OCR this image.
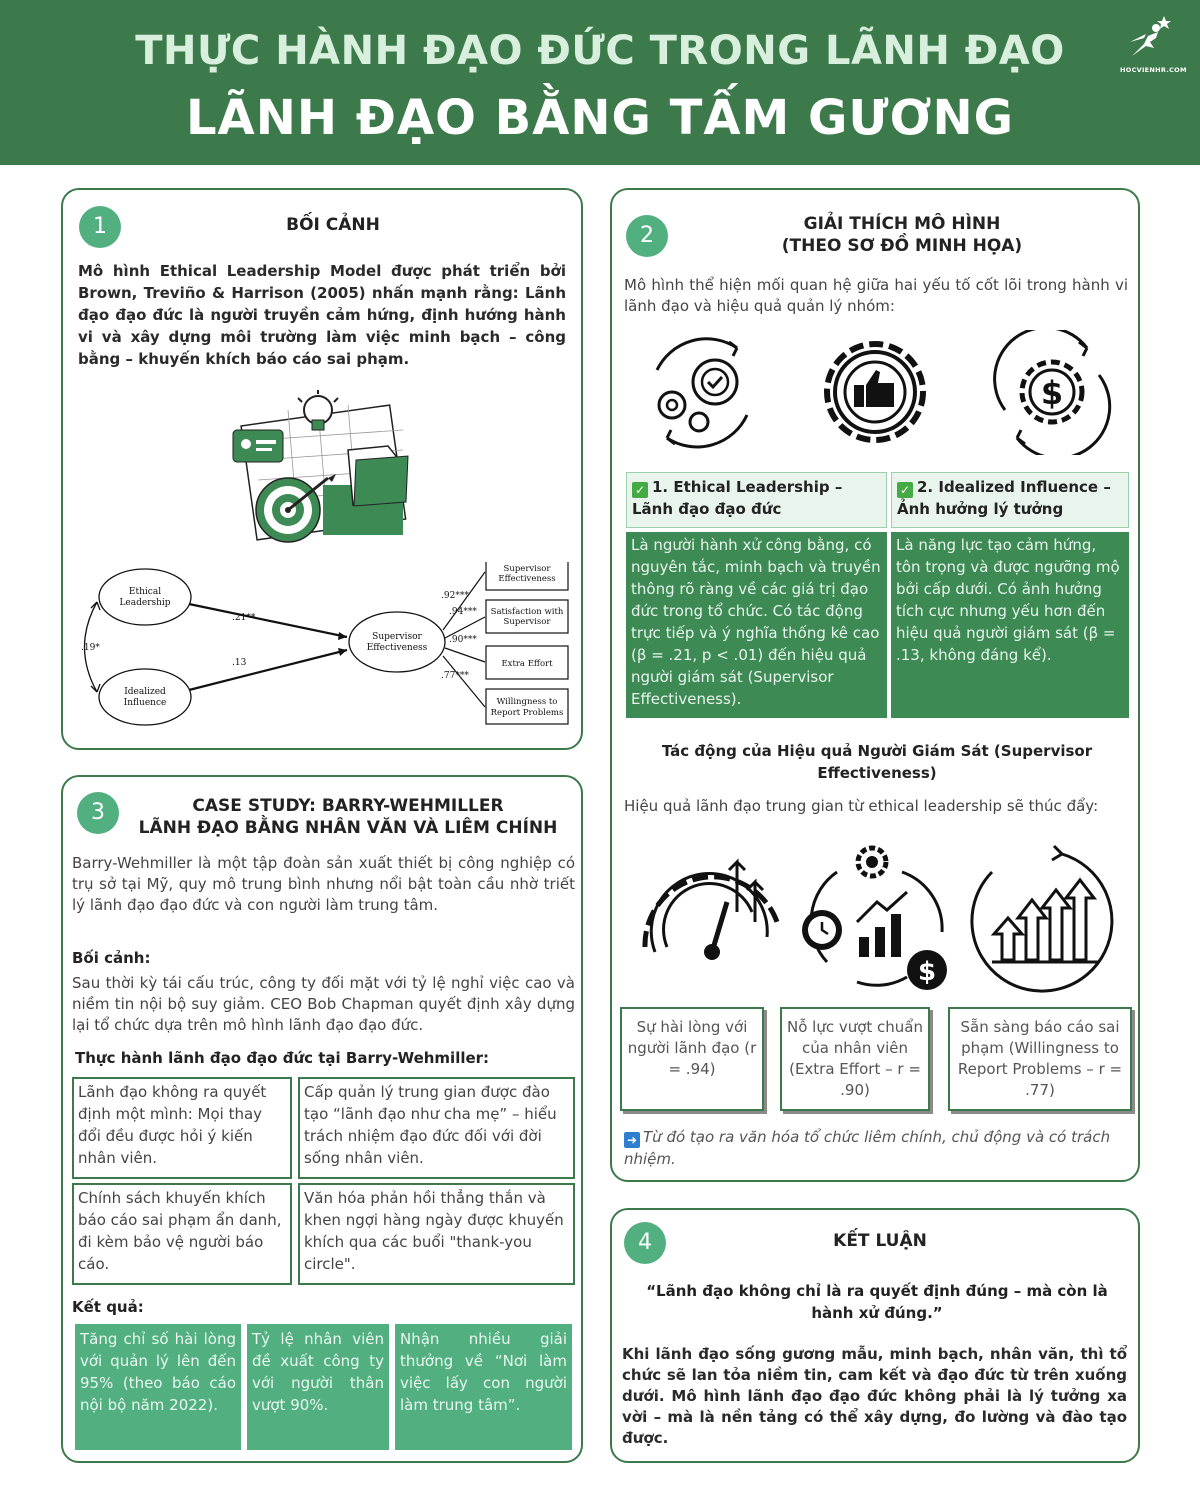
THỰC HÀNH ĐẠO ĐỨC TRONG LÃNH ĐẠO
LÃNH ĐẠO BẰNG TẤM GƯƠNG
HOCVIENHR.COM
1	BỐI CẢNH
Mô hình Ethical Leadership Model được phát triển bởi Brown, Treviño & Harrison (2005) nhấn mạnh rằng: Lãnh đạo đạo đức là người truyền cảm hứng, định hướng hành vi và xây dựng môi trường làm việc minh bạch – công bằng – khuyến khích báo cáo sai phạm.
Ethical
Leadership
Idealized
Influence
Supervisor
Effectiveness
Supervisor
Effectiveness
Satisfaction with
Supervisor
Extra Effort
Willingness to
Report Problems
.21**
.13
.19*
.92***
.94***
.90***
.77***
3	CASE STUDY: BARRY-WEHMILLER
LÃNH ĐẠO BẰNG NHÂN VĂN VÀ LIÊM CHÍNH
Barry-Wehmiller là một tập đoàn sản xuất thiết bị công nghiệp có trụ sở tại Mỹ, quy mô trung bình nhưng nổi bật toàn cầu nhờ triết lý lãnh đạo đạo đức và con người làm trung tâm.
Bối cảnh:
Sau thời kỳ tái cấu trúc, công ty đối mặt với tỷ lệ nghỉ việc cao và niềm tin nội bộ suy giảm. CEO Bob Chapman quyết định xây dựng lại tổ chức dựa trên mô hình lãnh đạo đạo đức.
Thực hành lãnh đạo đạo đức tại Barry-Wehmiller:
Lãnh đạo không ra quyết định một mình: Mọi thay đổi đều được hỏi ý kiến nhân viên.
Cấp quản lý trung gian được đào tạo “lãnh đạo như cha mẹ” – hiểu trách nhiệm đạo đức đối với đời sống nhân viên.
Chính sách khuyến khích báo cáo sai phạm ẩn danh, đi kèm bảo vệ người báo cáo.
Văn hóa phản hồi thẳng thắn và khen ngợi hàng ngày được khuyến khích qua các buổi "thank-you circle".
Kết quả:
Tăng chỉ số hài lòng với quản lý lên đến 95% (theo báo cáo nội bộ năm 2022).
Tỷ lệ nhân viên đề xuất công ty với người thân vượt 90%.
Nhận nhiều giải thưởng về “Nơi làm việc lấy con người làm trung tâm”.
2	GIẢI THÍCH MÔ HÌNH
(THEO SƠ ĐỒ MINH HỌA)
Mô hình thể hiện mối quan hệ giữa hai yếu tố cốt lõi trong hành vi lãnh đạo và hiệu quả quản lý nhóm:
$
✓ 1. Ethical Leadership – Lãnh đạo đạo đức
✓ 2. Idealized Influence – Ảnh hưởng lý tưởng
Là người hành xử công bằng, có nguyên tắc, minh bạch và truyền thông rõ ràng về các giá trị đạo đức trong tổ chức. Có tác động trực tiếp và ý nghĩa thống kê cao (β = .21, p < .01) đến hiệu quả người giám sát (Supervisor Effectiveness).
Là năng lực tạo cảm hứng, tôn trọng và được ngưỡng mộ bởi cấp dưới. Có ảnh hưởng tích cực nhưng yếu hơn đến hiệu quả người giám sát (β = .13, không đáng kể).
Tác động của Hiệu quả Người Giám Sát (Supervisor Effectiveness)
Hiệu quả lãnh đạo trung gian từ ethical leadership sẽ thúc đẩy:
$
Sự hài lòng với người lãnh đạo (r = .94)
Nỗ lực vượt chuẩn của nhân viên (Extra Effort – r = .90)
Sẵn sàng báo cáo sai phạm (Willingness to Report Problems – r = .77)
➜ Từ đó tạo ra văn hóa tổ chức liêm chính, chủ động và có trách nhiệm.
4	KẾT LUẬN
“Lãnh đạo không chỉ là ra quyết định đúng – mà còn là hành xử đúng.”
Khi lãnh đạo sống gương mẫu, minh bạch, nhân văn, thì tổ chức sẽ lan tỏa niềm tin, cam kết và đạo đức từ trên xuống dưới. Mô hình lãnh đạo đạo đức không phải là lý tưởng xa vời – mà là nền tảng có thể xây dựng, đo lường và đào tạo được.
